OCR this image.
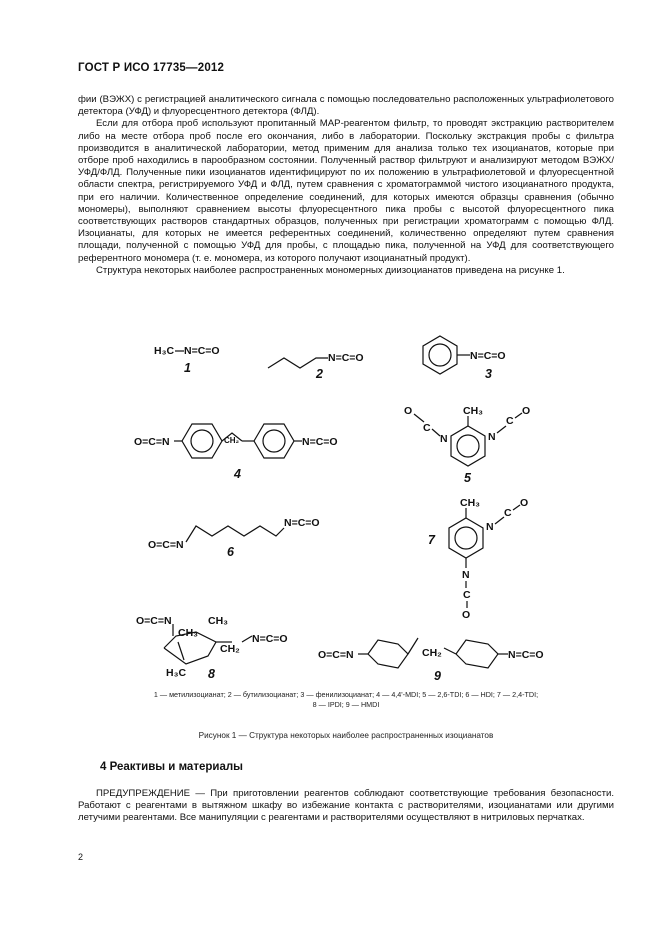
ГОСТ Р ИСО 17735—2012

фии (ВЭЖХ) с регистрацией аналитического сигнала с помощью последовательно расположенных ультрафиолетового детектора (УФД) и флуоресцентного детектора (ФЛД).

Если для отбора проб используют пропитанный МАР-реагентом фильтр, то проводят экстракцию растворителем либо на месте отбора проб после его окончания, либо в лаборатории. Поскольку экстракция пробы с фильтра производится в аналитической лаборатории, метод применим для анализа только тех изоцианатов, которые при отборе проб находились в парообразном состоянии. Полученный раствор фильтруют и анализируют методом ВЭЖХ/УФД/ФЛД. Полученные пики изоцианатов идентифицируют по их положению в ультрафиолетовой и флуоресцентной области спектра, регистрируемого УФД и ФЛД, путем сравнения с хроматограммой чистого изоцианатного продукта, при его наличии. Количественное определение соединений, для которых имеются образцы сравнения (обычно мономеры), выполняют сравнением высоты флуоресцентного пика пробы с высотой флуоресцентного пика соответствующих растворов стандартных образцов, полученных при регистрации хроматограмм с помощью ФЛД. Изоцианаты, для которых не имеется референтных соединений, количественно определяют путем сравнения площади, полученной с помощью УФД для пробы, с площадью пика, полученной на УФД для соответствующего референтного мономера (т. е. мономера, из которого получают изоцианатный продукт).

Структура некоторых наиболее распространенных мономерных диизоцианатов приведена на рисунке 1.

H₃C N=C=O
1
N=C=O
2
N=C=O
3
O=C=N	CH₂	N=C=O
4
CH₃
O
C
N	N
C
O
5
O=C=N
N=C=O
6
CH₃
N
C
O
7
N
C
O
O=C=N
CH₃
CH₃
CH₂
N=C=O
H₃C 8
O=C=N	CH₂	N=C=O
9
1 — метилизоцианат; 2 — бутилизоцианат; 3 — фенилизоцианат; 4 — 4,4'-MDI; 5 — 2,6-TDI; 6 — HDI; 7 — 2,4-TDI;
8 — IPDI; 9 — HMDI
Рисунок 1 — Структура некоторых наиболее распространенных изоцианатов
4 Реактивы и материалы

ПРЕДУПРЕЖДЕНИЕ — При приготовлении реагентов соблюдают соответствующие требования безопасности. Работают с реагентами в вытяжном шкафу во избежание контакта с растворителями, изоцианатами или другими летучими реагентами. Все манипуляции с реагентами и растворителями осуществляют в нитриловых перчатках.

2
